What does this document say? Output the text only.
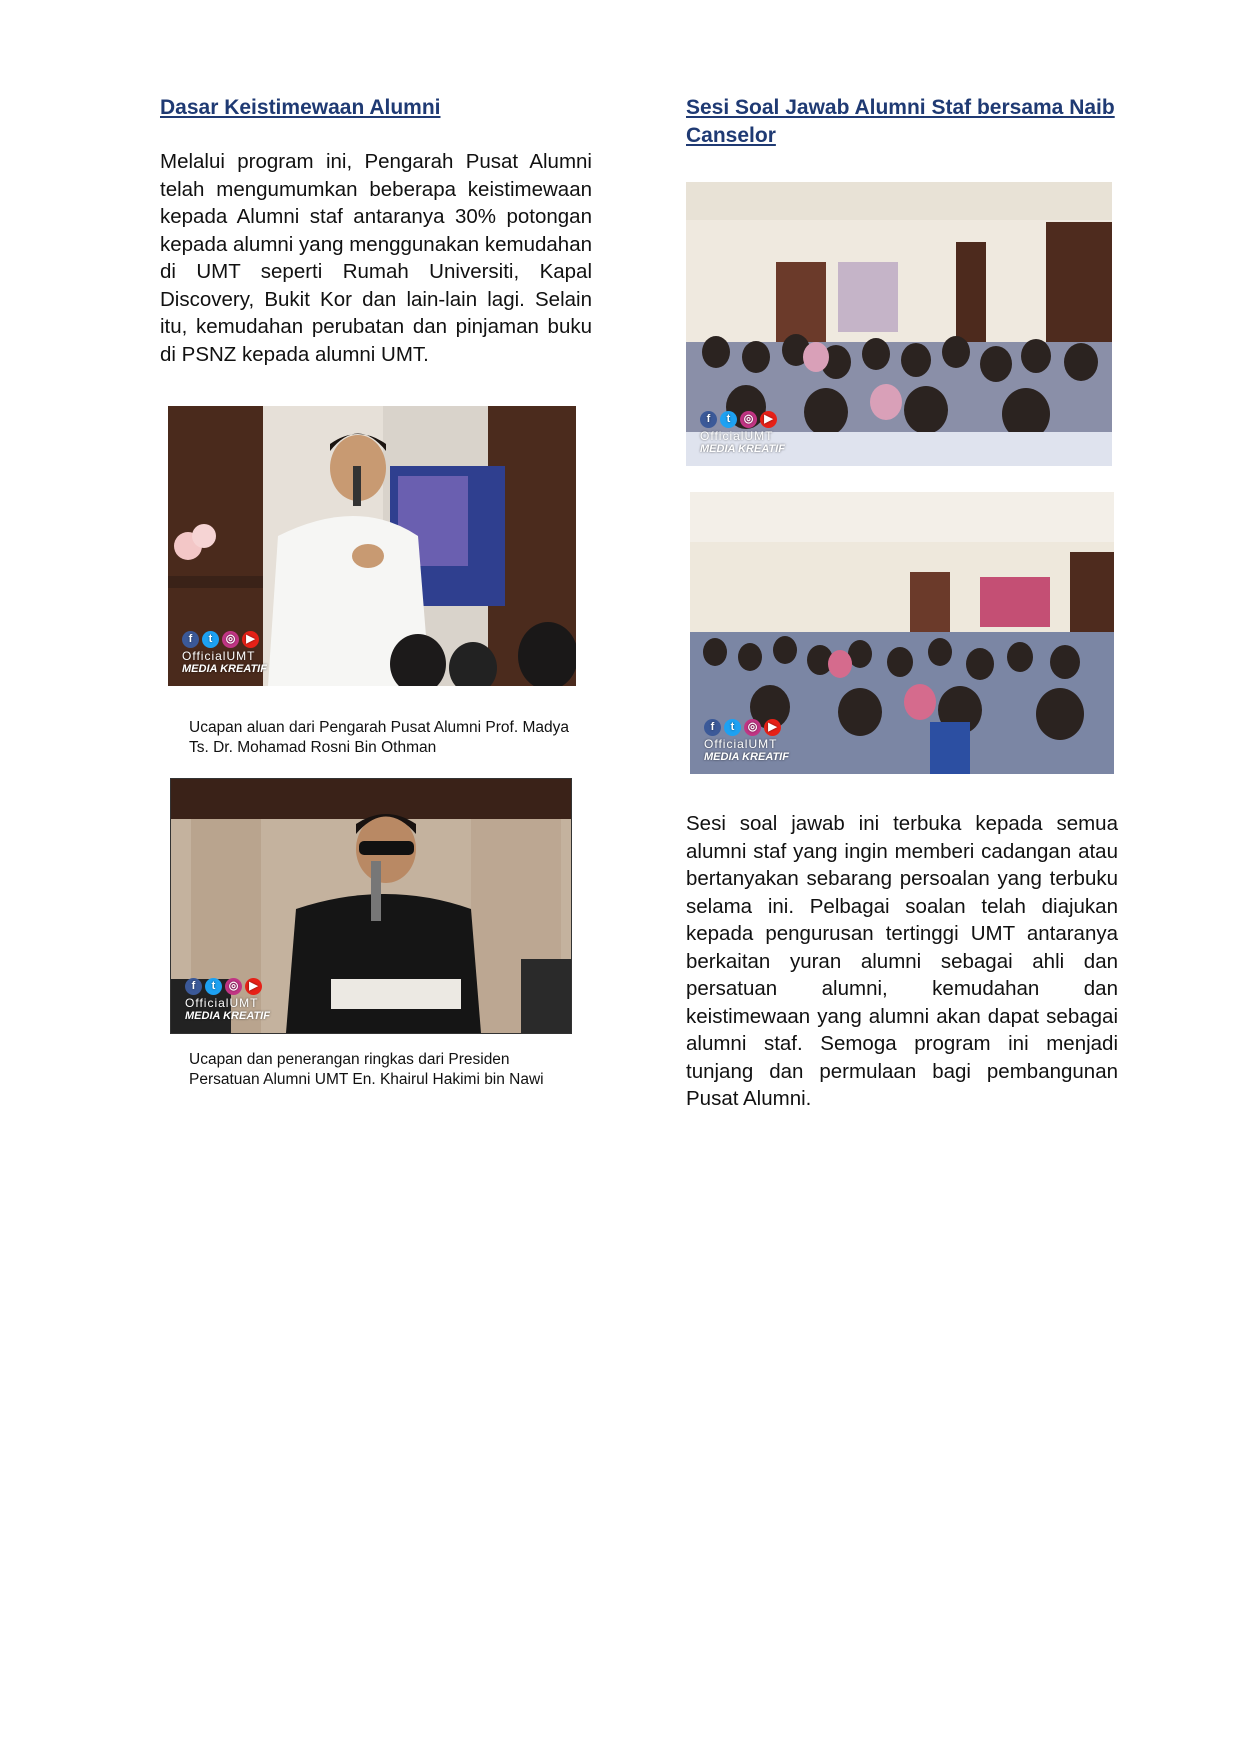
Dasar Keistimewaan Alumni

Melalui program ini, Pengarah Pusat Alumni telah mengumumkan beberapa keistimewaan kepada Alumni staf antaranya 30% potongan kepada alumni yang menggunakan kemudahan di UMT seperti Rumah Universiti, Kapal Discovery, Bukit Kor dan lain-lain lagi. Selain itu, kemudahan perubatan dan pinjaman buku di PSNZ kepada alumni UMT.

f	t	◎ ▶
OfficialUMT
MEDIA KREATIF

Ucapan aluan dari Pengarah Pusat Alumni Prof. Madya Ts. Dr. Mohamad Rosni Bin Othman

f	t	◎ ▶
OfficialUMT
MEDIA KREATIF

Ucapan dan penerangan ringkas dari Presiden Persatuan Alumni UMT En. Khairul Hakimi bin Nawi

Sesi Soal Jawab Alumni Staf bersama Naib Canselor
f	t	◎ ▶
OfficialUMT
MEDIA KREATIF
f	t	◎ ▶
OfficialUMT
MEDIA KREATIF

Sesi soal jawab ini terbuka kepada semua alumni staf yang ingin memberi cadangan atau bertanyakan sebarang persoalan yang terbuku selama ini. Pelbagai soalan telah diajukan kepada pengurusan tertinggi UMT antaranya berkaitan yuran alumni sebagai ahli dan persatuan alumni, kemudahan dan keistimewaan yang alumni akan dapat sebagai alumni staf. Semoga program ini menjadi tunjang dan permulaan bagi pembangunan Pusat Alumni.
